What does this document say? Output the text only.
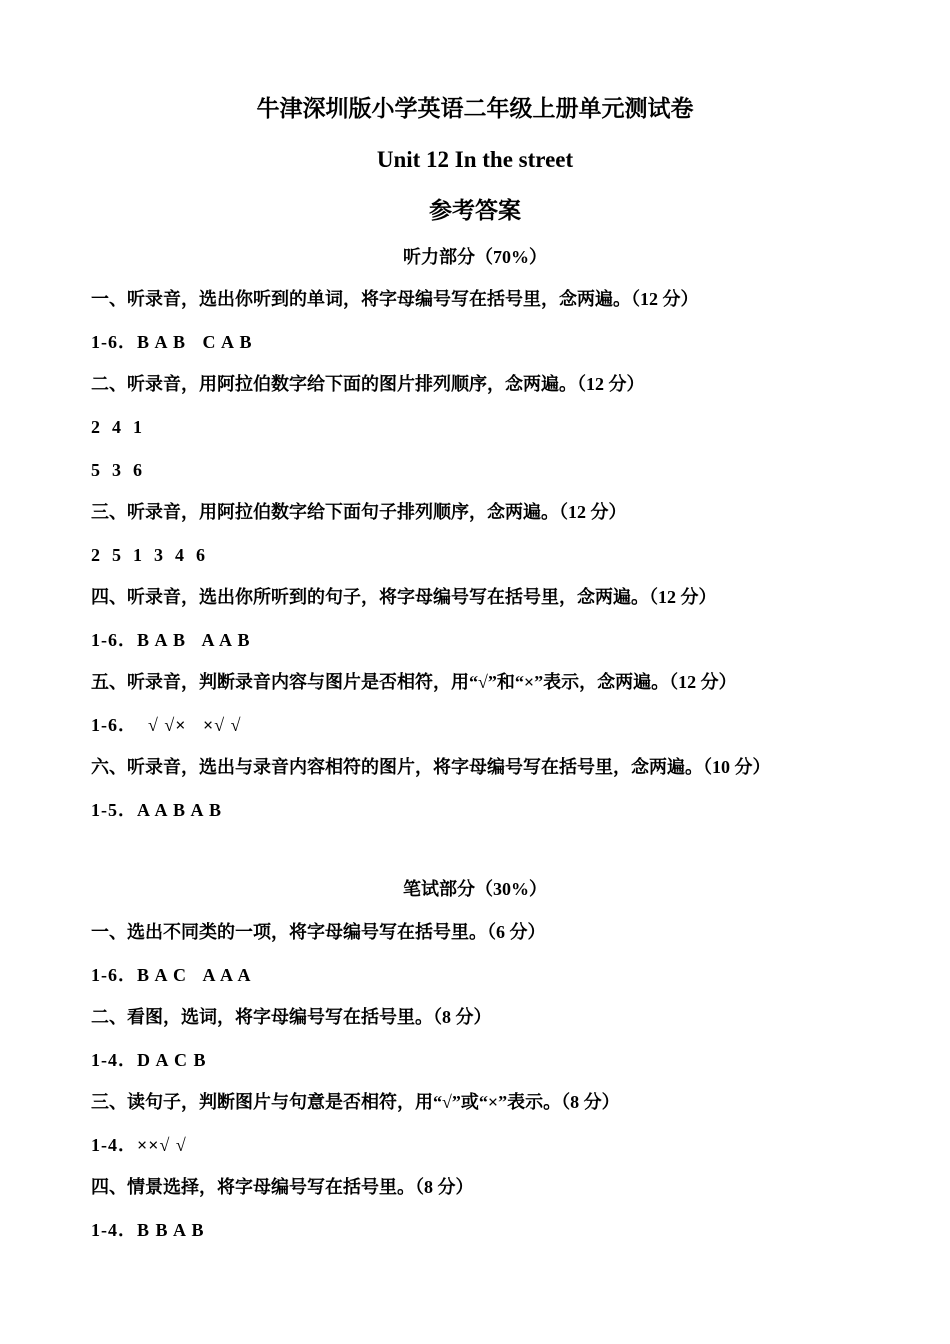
牛津深圳版小学英语二年级上册单元测试卷
Unit 12 In the street
参考答案
听力部分（70%）
一、听录音，选出你听到的单词，将字母编号写在括号里，念两遍。（12 分）
1-6．B A B   C A B
二、听录音，用阿拉伯数字给下面的图片排列顺序，念两遍。（12 分）
2  4  1
5  3  6
三、听录音，用阿拉伯数字给下面句子排列顺序，念两遍。（12 分）
2  5  1  3  4  6
四、听录音，选出你所听到的句子，将字母编号写在括号里，念两遍。（12 分）
1-6．B A B   A A B
五、听录音，判断录音内容与图片是否相符，用“√”和“×”表示，念两遍。（12 分）
1-6．  √ √×   ×√ √
六、听录音，选出与录音内容相符的图片，将字母编号写在括号里，念两遍。（10 分）
1-5．A A B A B
笔试部分（30%）
一、选出不同类的一项，将字母编号写在括号里。（6 分）
1-6．B A C   A A A
二、看图，选词，将字母编号写在括号里。（8 分）
1-4．D A C B
三、读句子，判断图片与句意是否相符，用“√”或“×”表示。（8 分）
1-4．××√ √
四、情景选择，将字母编号写在括号里。（8 分）
1-4．B B A B
